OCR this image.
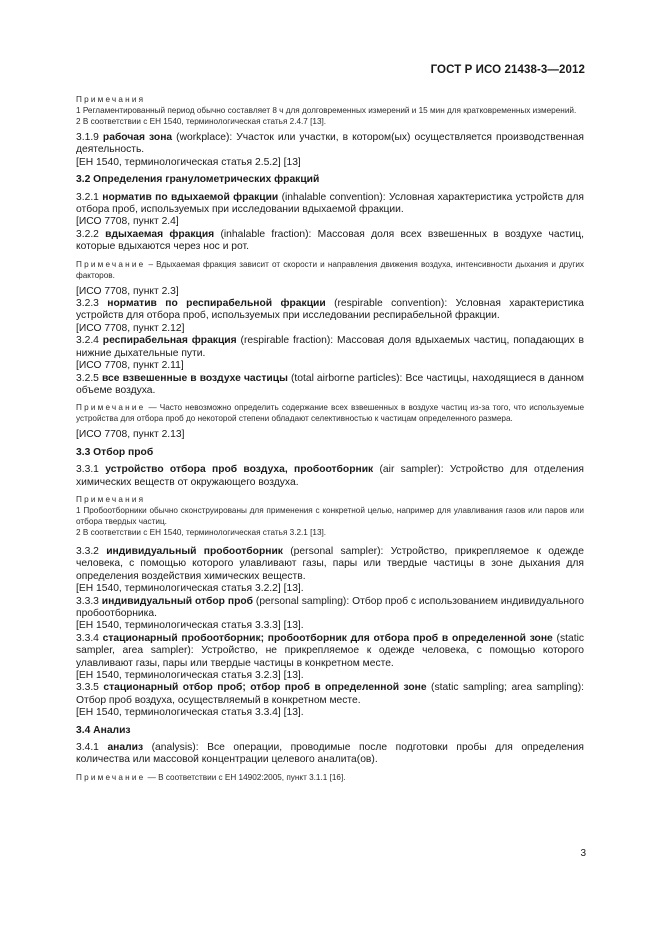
ГОСТ Р ИСО 21438-3—2012

Примечания

1 Регламентированный период обычно составляет 8 ч для долговременных измерений и 15 мин для кратковременных измерений.

2 В соответствии с ЕН 1540, терминологическая статья 2.4.7 [13].

3.1.9 рабочая зона (workplace): Участок или участки, в котором(ых) осуществляется производственная деятельность.

[ЕН 1540, терминологическая статья 2.5.2] [13]

3.2 Определения гранулометрических фракций

3.2.1 норматив по вдыхаемой фракции (inhalable convention): Условная характеристика устройств для отбора проб, используемых при исследовании вдыхаемой фракции.

[ИСО 7708, пункт 2.4]

3.2.2 вдыхаемая фракция (inhalable fraction): Массовая доля всех взвешенных в воздухе частиц, которые вдыхаются через нос и рот.

Примечание – Вдыхаемая фракция зависит от скорости и направления движения воздуха, интенсивности дыхания и других факторов.

[ИСО 7708, пункт 2.3]

3.2.3 норматив по респирабельной фракции (respirable convention): Условная характеристика устройств для отбора проб, используемых при исследовании респирабельной фракции.

[ИСО 7708, пункт 2.12]

3.2.4 респирабельная фракция (respirable fraction): Массовая доля вдыхаемых частиц, попадающих в нижние дыхательные пути.

[ИСО 7708, пункт 2.11]

3.2.5 все взвешенные в воздухе частицы (total airborne particles): Все частицы, находящиеся в данном объеме воздуха.

Примечание — Часто невозможно определить содержание всех взвешенных в воздухе частиц из-за того, что используемые устройства для отбора проб до некоторой степени обладают селективностью к частицам определенного размера.

[ИСО 7708, пункт 2.13]

3.3 Отбор проб

3.3.1 устройство отбора проб воздуха, пробоотборник (air sampler): Устройство для отделения химических веществ от окружающего воздуха.

Примечания

1 Пробоотборники обычно сконструированы для применения с конкретной целью, например для улавливания газов или паров или отбора твердых частиц.

2 В соответствии с ЕН 1540, терминологическая статья 3.2.1 [13].

3.3.2 индивидуальный пробоотборник (personal sampler): Устройство, прикрепляемое к одежде человека, с помощью которого улавливают газы, пары или твердые частицы в зоне дыхания для определения воздействия химических веществ.

[ЕН 1540, терминологическая статья 3.2.2] [13].

3.3.3 индивидуальный отбор проб (personal sampling): Отбор проб с использованием индивидуального пробоотборника.

[ЕН 1540, терминологическая статья 3.3.3] [13].

3.3.4 стационарный пробоотборник; пробоотборник для отбора проб в определенной зоне (static sampler, area sampler): Устройство, не прикрепляемое к одежде человека, с помощью которого улавливают газы, пары или твердые частицы в конкретном месте.

[ЕН 1540, терминологическая статья 3.2.3] [13].

3.3.5 стационарный отбор проб; отбор проб в определенной зоне (static sampling; area sampling): Отбор проб воздуха, осуществляемый в конкретном месте.

[ЕН 1540, терминологическая статья 3.3.4] [13].

3.4 Анализ

3.4.1 анализ (analysis): Все операции, проводимые после подготовки пробы для определения количества или массовой концентрации целевого аналита(ов).

Примечание — В соответствии с ЕН 14902:2005, пункт 3.1.1 [16].

3
